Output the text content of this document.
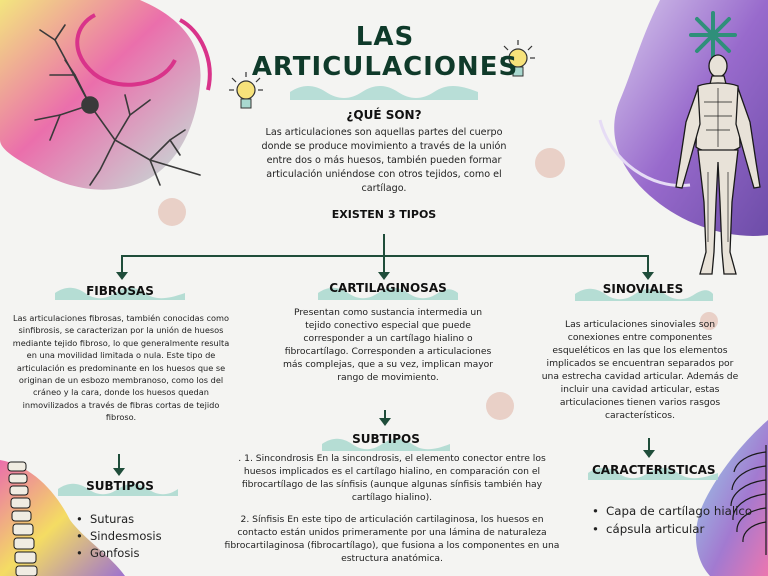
LAS
ARTICULACIONES
¿QUÉ SON?
Las articulaciones son aquellas partes del cuerpo donde se produce movimiento a través de la unión entre dos o más huesos, también pueden formar articulación uniéndose con otros tejidos, como el cartílago.
EXISTEN 3 TIPOS
FIBROSAS
Las articulaciones fibrosas, también conocidas como sinfibrosis, se caracterizan por la unión de huesos mediante tejido fibroso, lo que generalmente resulta en una movilidad limitada o nula. Este tipo de articulación es predominante en los huesos que se originan de un esbozo membranoso, como los del cráneo y la cara, donde los huesos quedan inmovilizados a través de fibras cortas de tejido fibroso.
SUBTIPOS
• Suturas
• Sindesmosis
• Gonfosis
CARTILAGINOSAS
Presentan como sustancia intermedia un tejido conectivo especial que puede corresponder a un cartílago hialino o fibrocartílago. Corresponden a articulaciones más complejas, que a su vez, implican mayor rango de movimiento.
SUBTIPOS
. 1. Sincondrosis En la sincondrosis, el elemento conector entre los huesos implicados es el cartílago hialino, en comparación con el fibrocartílago de las sínfisis (aunque algunas sínfisis también hay cartílago hialino).
2. Sínfisis En este tipo de articulación cartilaginosa, los huesos en contacto están unidos primeramente por una lámina de naturaleza fibrocartilaginosa (fibrocartílago), que fusiona a los componentes en una estructura anatómica.
SINOVIALES
Las articulaciones sinoviales son conexiones entre componentes esqueléticos en las que los elementos implicados se encuentran separados por una estrecha cavidad articular. Además de incluir una cavidad articular, estas articulaciones tienen varios rasgos característicos.
CARACTERISTICAS
• Capa de cartílago hialico
• cápsula articular
